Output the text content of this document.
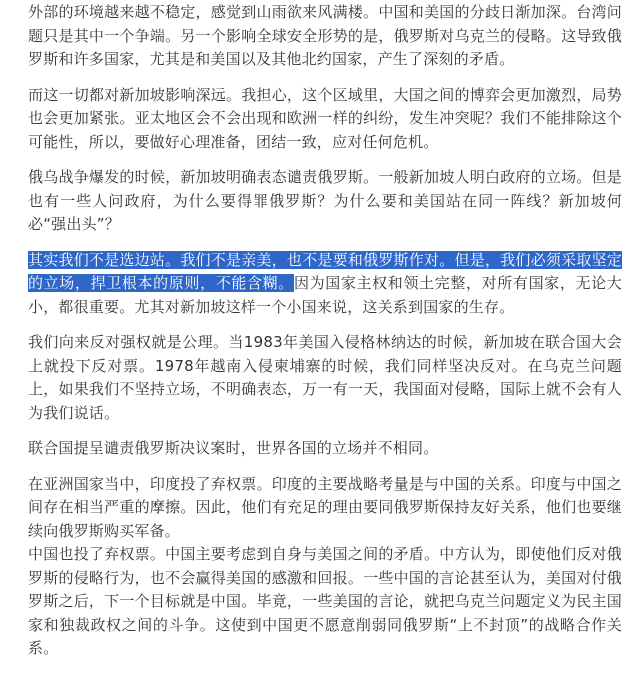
外部的环境越来越不稳定，感觉到山雨欲来风满楼。中国和美国的分歧日渐加深。台湾问题只是其中一个争端。另一个影响全球安全形势的是，俄罗斯对乌克兰的侵略。这导致俄罗斯和许多国家，尤其是和美国以及其他北约国家，产生了深刻的矛盾。

而这一切都对新加坡影响深远。我担心，这个区域里，大国之间的博弈会更加激烈，局势也会更加紧张。亚太地区会不会出现和欧洲一样的纠纷，发生冲突呢？我们不能排除这个可能性，所以，要做好心理准备，团结一致，应对任何危机。

俄乌战争爆发的时候，新加坡明确表态谴责俄罗斯。一般新加坡人明白政府的立场。但是也有一些人问政府，为什么要得罪俄罗斯？为什么要和美国站在同一阵线？新加坡何必“强出头”？

其实我们不是选边站。我们不是亲美，也不是要和俄罗斯作对。但是，我们必须采取坚定的立场，捍卫根本的原则，不能含糊。因为国家主权和领土完整，对所有国家，无论大小，都很重要。尤其对新加坡这样一个小国来说，这关系到国家的生存。

我们向来反对强权就是公理。当1983年美国入侵格林纳达的时候，新加坡在联合国大会上就投下反对票。1978年越南入侵柬埔寨的时候，我们同样坚决反对。在乌克兰问题上，如果我们不坚持立场，不明确表态，万一有一天，我国面对侵略，国际上就不会有人为我们说话。

联合国提呈谴责俄罗斯决议案时，世界各国的立场并不相同。

在亚洲国家当中，印度投了弃权票。印度的主要战略考量是与中国的关系。印度与中国之间存在相当严重的摩擦。因此，他们有充足的理由要同俄罗斯保持友好关系，他们也要继续向俄罗斯购买军备。

中国也投了弃权票。中国主要考虑到自身与美国之间的矛盾。中方认为，即使他们反对俄罗斯的侵略行为，也不会赢得美国的感激和回报。一些中国的言论甚至认为，美国对付俄罗斯之后，下一个目标就是中国。毕竟，一些美国的言论，就把乌克兰问题定义为民主国家和独裁政权之间的斗争。这使到中国更不愿意削弱同俄罗斯“上不封顶”的战略合作关系。
